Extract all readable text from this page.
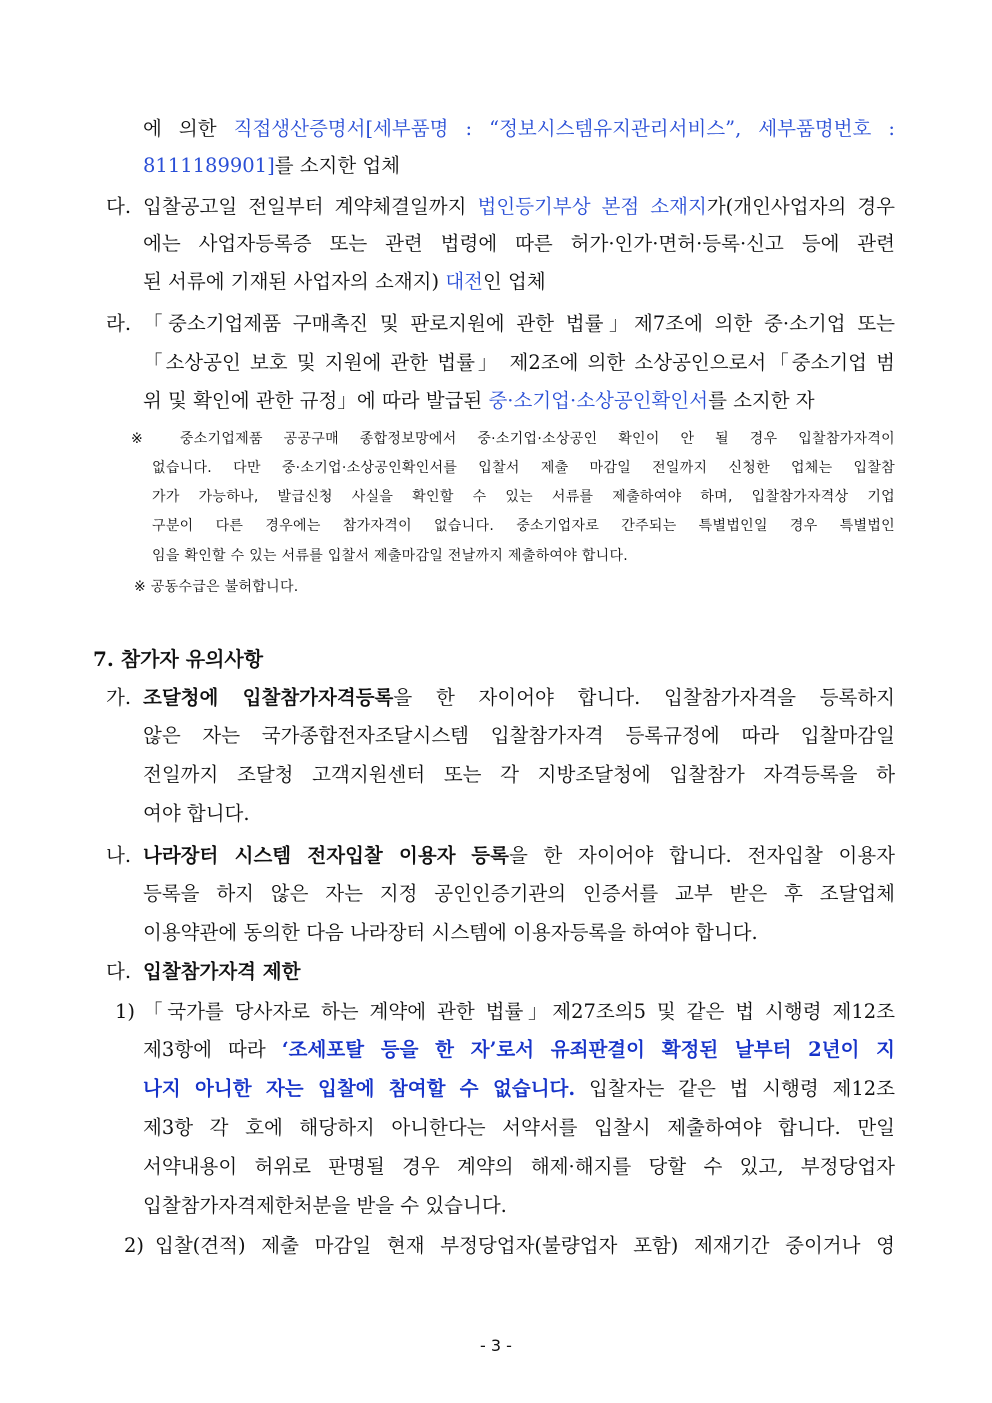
에 의한 직접생산증명서[세부품명 : “정보시스템유지관리서비스”, 세부품명번호 :
8111189901]를 소지한 업체
다. 입찰공고일 전일부터 계약체결일까지 법인등기부상 본점 소재지가(개인사업자의 경우
에는 사업자등록증 또는 관련 법령에 따른 허가·인가·면허·등록·신고 등에 관련
된 서류에 기재된 사업자의 소재지) 대전인 업체
라. 「중소기업제품 구매촉진 및 판로지원에 관한 법률」제7조에 의한 중·소기업 또는
「소상공인 보호 및 지원에 관한 법률」 제2조에 의한 소상공인으로서「중소기업 범
위 및 확인에 관한 규정」에 따라 발급된 중·소기업·소상공인확인서를 소지한 자
※ 중소기업제품 공공구매 종합정보망에서 중·소기업·소상공인 확인이 안 될 경우 입찰참가자격이
없습니다. 다만 중·소기업·소상공인확인서를 입찰서 제출 마감일 전일까지 신청한 업체는 입찰참
가가 가능하나, 발급신청 사실을 확인할 수 있는 서류를 제출하여야 하며, 입찰참가자격상 기업
구분이 다른 경우에는 참가자격이 없습니다. 중소기업자로 간주되는 특별법인일 경우 특별법인
임을 확인할 수 있는 서류를 입찰서 제출마감일 전날까지 제출하여야 합니다.
※ 공동수급은 불허합니다.
7. 참가자 유의사항
가. 조달청에 입찰참가자격등록을 한 자이어야 합니다. 입찰참가자격을 등록하지
않은 자는 국가종합전자조달시스템 입찰참가자격 등록규정에 따라 입찰마감일
전일까지 조달청 고객지원센터 또는 각 지방조달청에 입찰참가 자격등록을 하
여야 합니다.
나. 나라장터 시스템 전자입찰 이용자 등록을 한 자이어야 합니다. 전자입찰 이용자
등록을 하지 않은 자는 지정 공인인증기관의 인증서를 교부 받은 후 조달업체
이용약관에 동의한 다음 나라장터 시스템에 이용자등록을 하여야 합니다.
다. 입찰참가자격 제한
1) 「국가를 당사자로 하는 계약에 관한 법률」제27조의5 및 같은 법 시행령 제12조
제3항에 따라 ‘조세포탈 등을 한 자’로서 유죄판결이 확정된 날부터 2년이 지
나지 아니한 자는 입찰에 참여할 수 없습니다. 입찰자는 같은 법 시행령 제12조
제3항 각 호에 해당하지 아니한다는 서약서를 입찰시 제출하여야 합니다. 만일
서약내용이 허위로 판명될 경우 계약의 해제·해지를 당할 수 있고, 부정당업자
입찰참가자격제한처분을 받을 수 있습니다.
2) 입찰(견적) 제출 마감일 현재 부정당업자(불량업자 포함) 제재기간 중이거나 영
- 3 -
